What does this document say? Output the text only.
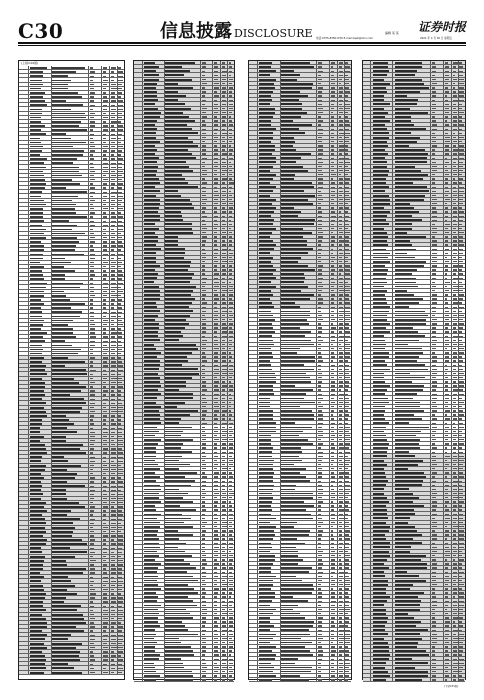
C30	信息披露 DISCLOSURE	编辑 某 某
电话:0755-83501750 E-mail:zqsb@stcn.com
证券时报
2021 年 4 月 30 日 星期五
(上接C29版)
(下转C31版)
